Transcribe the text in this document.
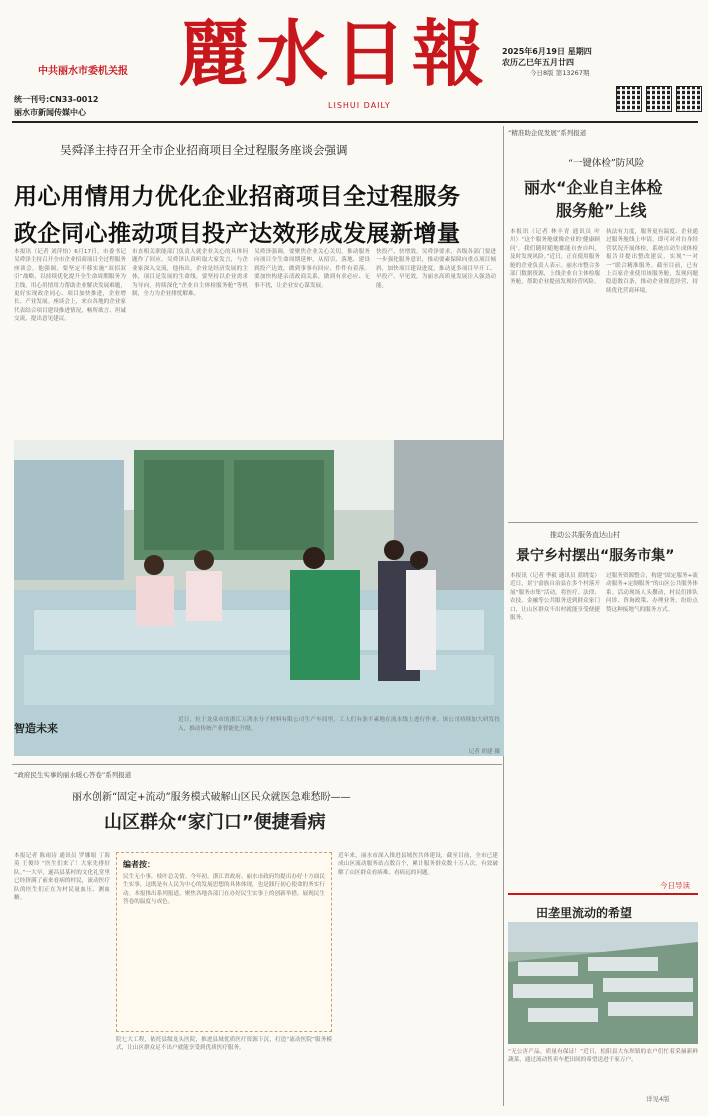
中共丽水市委机关报
统一刊号:CN33-0012
丽水市新闻传媒中心
麗水日報
LISHUI DAILY
2025年6月19日 星期四
农历乙巳年五月廿四
今日8版 第13267期
吴舜泽主持召开全市企业招商项目全过程服务座谈会强调
用心用情用力优化企业招商项目全过程服务
政企同心推动项目投产达效形成发展新增量
本报讯（记者 刘萍怡）6月17日，市委书记吴舜泽主持召开全市企业招商项目全过程服务座谈会，他强调，要坚定不移实施“双招双引”战略，以持续优化提升全生命周期服务为主线，用心用情用力帮助企业解决发展难题，更好实现政企同心、项目加快推进，企业增长、产业发展。座谈会上，来自各地的企业家代表结合项目建设推进情况，畅所欲言、坦诚交流，提出意见建议。
市直相关职能部门负责人就企业关心的具体问题作了回应。吴舜泽认真听取大家发言，与企业家深入交流，他指出，企业是经济发展的主体，项目是发展的生命线。要坚持以企业需求为导向，持续深化“企业自主体检服务舱”等机制，全力为企业排忧解难。
吴舜泽强调，要聚焦企业关心关切，推动服务向项目全生命周期延伸，从招引、落地、建设到投产达效，做到事事有回应、件件有着落。要加快构建亲清政商关系，做到有求必应、无事不扰，让企业安心谋发展。
快投产、快增效。吴舜泽要求，各级各部门要进一步强化服务意识，推动要素保障向重点项目倾斜，加快项目建设进度，推动更多项目早开工、早投产、早见效，为丽水高质量发展注入强劲动能。
“精准助企促发展”系列报道
“一键体检”防风险
丽水“企业自主体检
服务舱”上线
本报讯（记者 林丰青 通讯员 叶川）“这个服务舱就像企业的‘健康顾问’，我们随时随地都能自查自纠，及时发现风险。”近日，正在使用服务舱的企业负责人表示。丽水市整合多部门数据资源，上线企业自主体检服务舱，帮助企业提前发现经营风险。
执法有力度，服务更有温度。企业通过服务舱线上申请，即可对对自身经营状况开展体检，系统自动生成体检报告并提出整改建议，实现“一对一”联合精准服务。截至目前，已有上百家企业使用该服务舱，发现问题隐患数百条，推动企业规范经营，持续优化营商环境。
智造未来
近日，位于龙泉市的浙江万鸿水分子材料有限公司生产车间里，工人们有条不紊地在流水线上进行作业。该公司持续加大研发投入，推动传统产业智能化升级。
记者 胡建 摄
推动公共服务直达山村
景宁乡村摆出“服务市集”
本报讯（记者 季毅 通讯员 蓝晓雯）近日，景宁畲族自治县在多个村落开展“服务市集”活动，将医疗、法律、农技、金融等公共服务送到群众家门口，让山区群众不出村就能享受便捷服务。
过服务资源整合，构建“固定服务+流动服务+定制服务”的山区公共服务体系。活动现场人头攒动，村民们排队问诊、咨询政策、办理业务，纷纷点赞这种接地气的服务方式。
“政府民生实事的丽水暖心答卷”系列报道
丽水创新“固定+流动”服务模式破解山区民众就医急难愁盼——
山区群众“家门口”便捷看病
本报记者 陈雨诗 通讯员 罗娜娟 丁海英 王俊玲 “医生们来了！大家先排好队。”一大早，遂昌县某村的文化礼堂里已经挤满了前来看病的村民，流动医疗队的医生们正在为村民量血压、测血糖。
编者按：
民生无小事，枝叶总关情。今年初，浙江省政府、丽水市政府均提出办好十方面民生实事，这既是有人民为中心的发展思想的具体体现，也是践行初心使命的务实行动。本报推出系列报道，聚焦各地各部门在办好民生实事上的创新举措，展现民生答卷的温度与成色。
院七大工程，依托县级龙头医院，推进县域优质医疗资源下沉，打造“流动医院”服务模式，让山区群众足不出户就能享受到优质医疗服务。
近年来，丽水市深入推进县域医共体建设，截至目前，全市已建成山区流动服务站点数百个，累计服务群众数十万人次，有效破解了山区群众看病难、看病远的问题。
今日导读
田垄里流动的希望
“无公害产品，质量有保证！”近日，松阳县大东坝镇的农户们忙着采摘新鲜蔬菜，通过流动售卖车把田间的希望送进千家万户。
详见4版
